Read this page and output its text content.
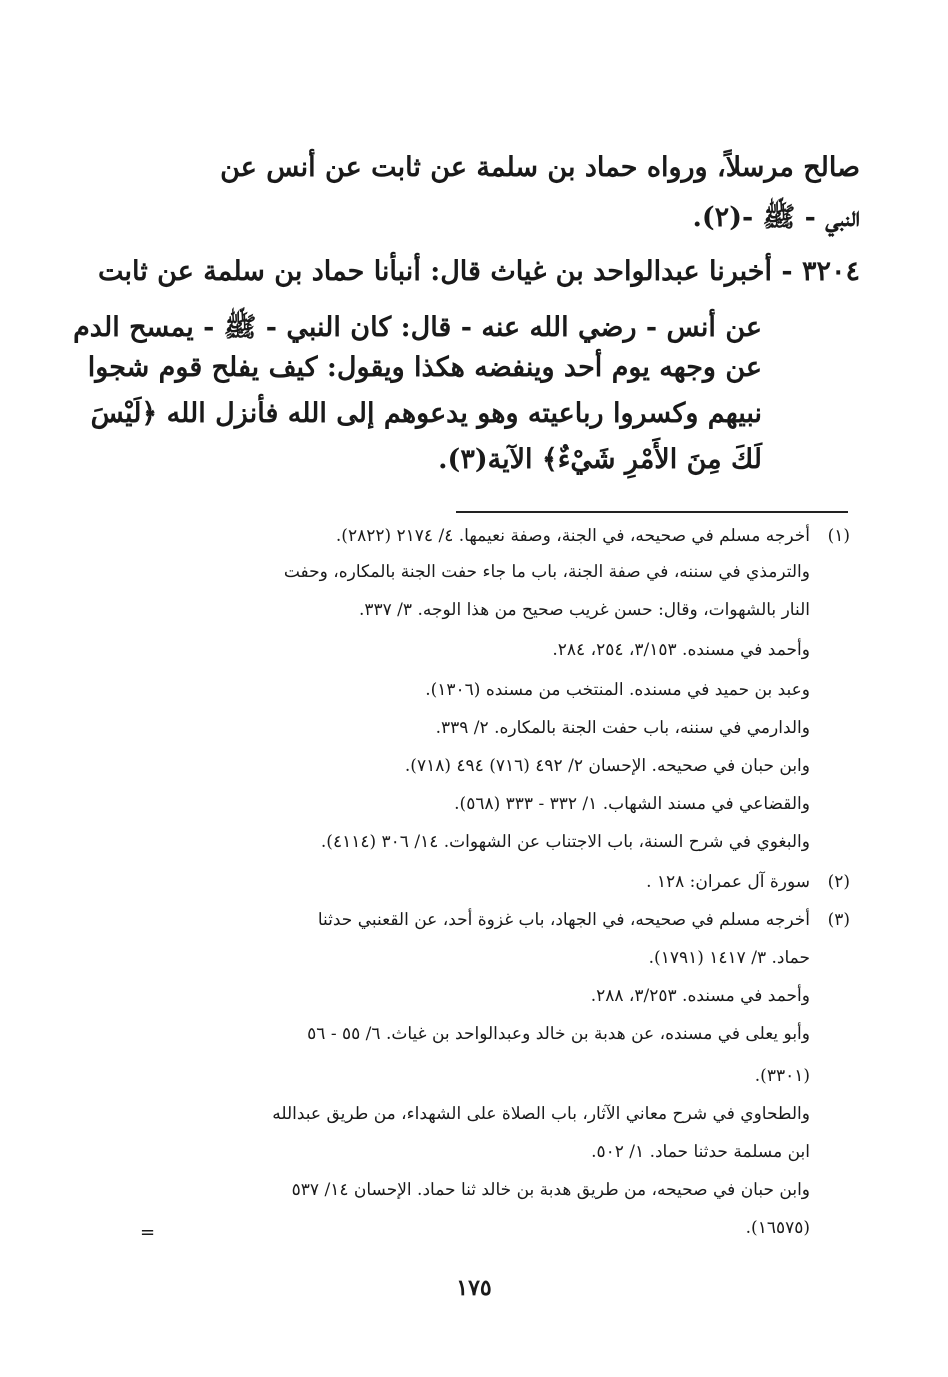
صالح مرسلاً، ورواه حماد بن سلمة عن ثابت عن أنس عن
النبي - ﷺ -(٢).
٣٢٠٤ - أخبرنا عبدالواحد بن غياث قال: أنبأنا حماد بن سلمة عن ثابت
عن أنس - رضي الله عنه - قال: كان النبي - ﷺ - يمسح الدم
عن وجهه يوم أحد وينفضه هكذا ويقول: كيف يفلح قوم شجوا
نبيهم وكسروا رباعيته وهو يدعوهم إلى الله فأنزل الله ﴿لَيْسَ
لَكَ مِنَ الأَمْرِ شَيْءٌ﴾ الآية(٣).
(١)
أخرجه مسلم في صحيحه، في الجنة، وصفة نعيمها. ٤/ ٢١٧٤ (٢٨٢٢).
والترمذي في سننه، في صفة الجنة، باب ما جاء حفت الجنة بالمكاره، وحفت
النار بالشهوات، وقال: حسن غريب صحيح من هذا الوجه. ٣/ ٣٣٧.
وأحمد في مسنده. ٣/١٥٣، ٢٥٤، ٢٨٤.
وعبد بن حميد في مسنده. المنتخب من مسنده (١٣٠٦).
والدارمي في سننه، باب حفت الجنة بالمكاره. ٢/ ٣٣٩.
وابن حبان في صحيحه. الإحسان ٢/ ٤٩٢ (٧١٦) ٤٩٤ (٧١٨).
والقضاعي في مسند الشهاب. ١/ ٣٣٢ - ٣٣٣ (٥٦٨).
والبغوي في شرح السنة، باب الاجتناب عن الشهوات. ١٤/ ٣٠٦ (٤١١٤).
(٢)
سورة آل عمران: ١٢٨ .
(٣)
أخرجه مسلم في صحيحه، في الجهاد، باب غزوة أحد، عن القعنبي حدثنا
حماد. ٣/ ١٤١٧ (١٧٩١).
وأحمد في مسنده. ٣/٢٥٣، ٢٨٨.
وأبو يعلى في مسنده، عن هدبة بن خالد وعبدالواحد بن غياث. ٦/ ٥٥ - ٥٦
(٣٣٠١).
والطحاوي في شرح معاني الآثار، باب الصلاة على الشهداء، من طريق عبدالله
ابن مسلمة حدثنا حماد. ١/ ٥٠٢.
وابن حبان في صحيحه، من طريق هدبة بن خالد ثنا حماد. الإحسان ١٤/ ٥٣٧
(١٦٥٧٥).
=
١٧٥
